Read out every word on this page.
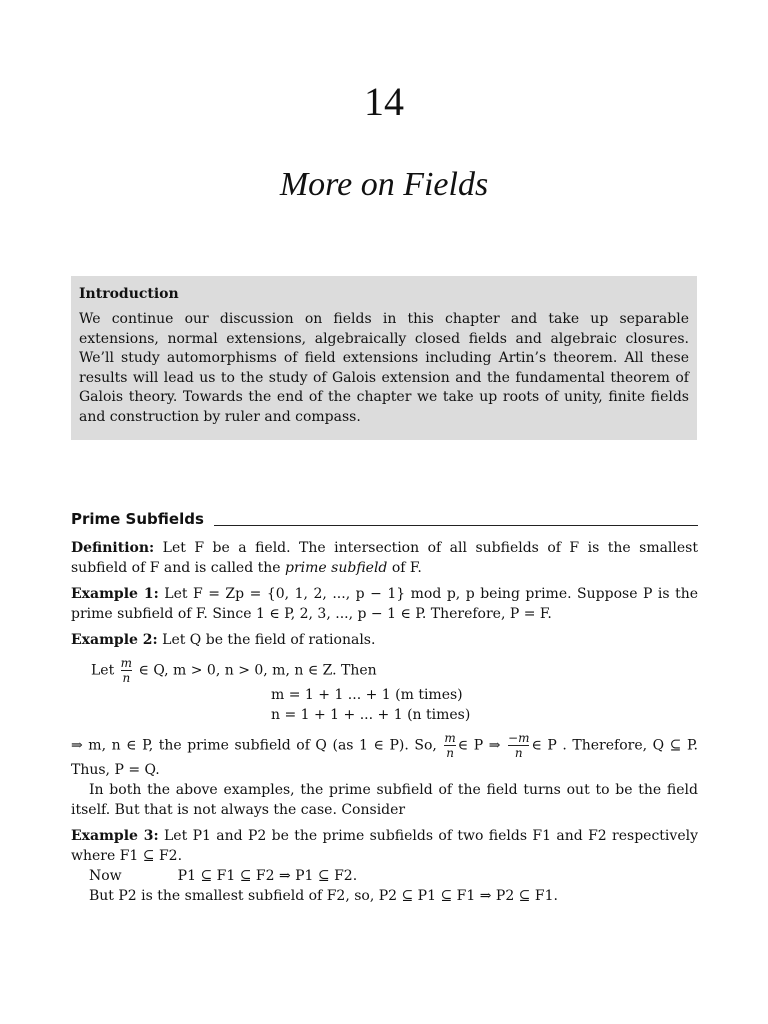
14
More on Fields
Introduction
We continue our discussion on fields in this chapter and take up separable extensions, normal extensions, algebraically closed fields and algebraic closures. We’ll study automorphisms of field extensions including Artin’s theorem. All these results will lead us to the study of Galois extension and the fundamental theorem of Galois theory. Towards the end of the chapter we take up roots of unity, finite fields and construction by ruler and compass.
Prime Subfields

Definition: Let F be a field. The intersection of all subfields of F is the smallest subfield of F and is called the prime subfield of F.

Example 1: Let F = Zp = {0, 1, 2, ..., p − 1} mod p, p being prime. Suppose P is the prime subfield of F. Since 1 ∈ P, 2, 3, ..., p − 1 ∈ P. Therefore, P = F.

Example 2: Let Q be the field of rationals.

Let $\frac{m}{n}$ ∈ Q, m > 0, n > 0, m, n ∈ Z. Then

m = 1 + 1 ... + 1 (m times)

n = 1 + 1 + ... + 1 (n times)

⇒ m, n ∈ P, the prime subfield of Q (as 1 ∈ P). So, $\frac{m}{n}$ ∈ P ⇒ $\frac{-m}{n}$ ∈ P . Therefore, Q ⊆ P. Thus, P = Q.

In both the above examples, the prime subfield of the field turns out to be the field itself. But that is not always the case. Consider

Example 3: Let P1 and P2 be the prime subfields of two fields F1 and F2 respectively where F1 ⊆ F2.

Now	P1 ⊆ F1 ⊆ F2 ⇒ P1 ⊆ F2.

But P2 is the smallest subfield of F2, so, P2 ⊆ P1 ⊆ F1 ⇒ P2 ⊆ F1.
